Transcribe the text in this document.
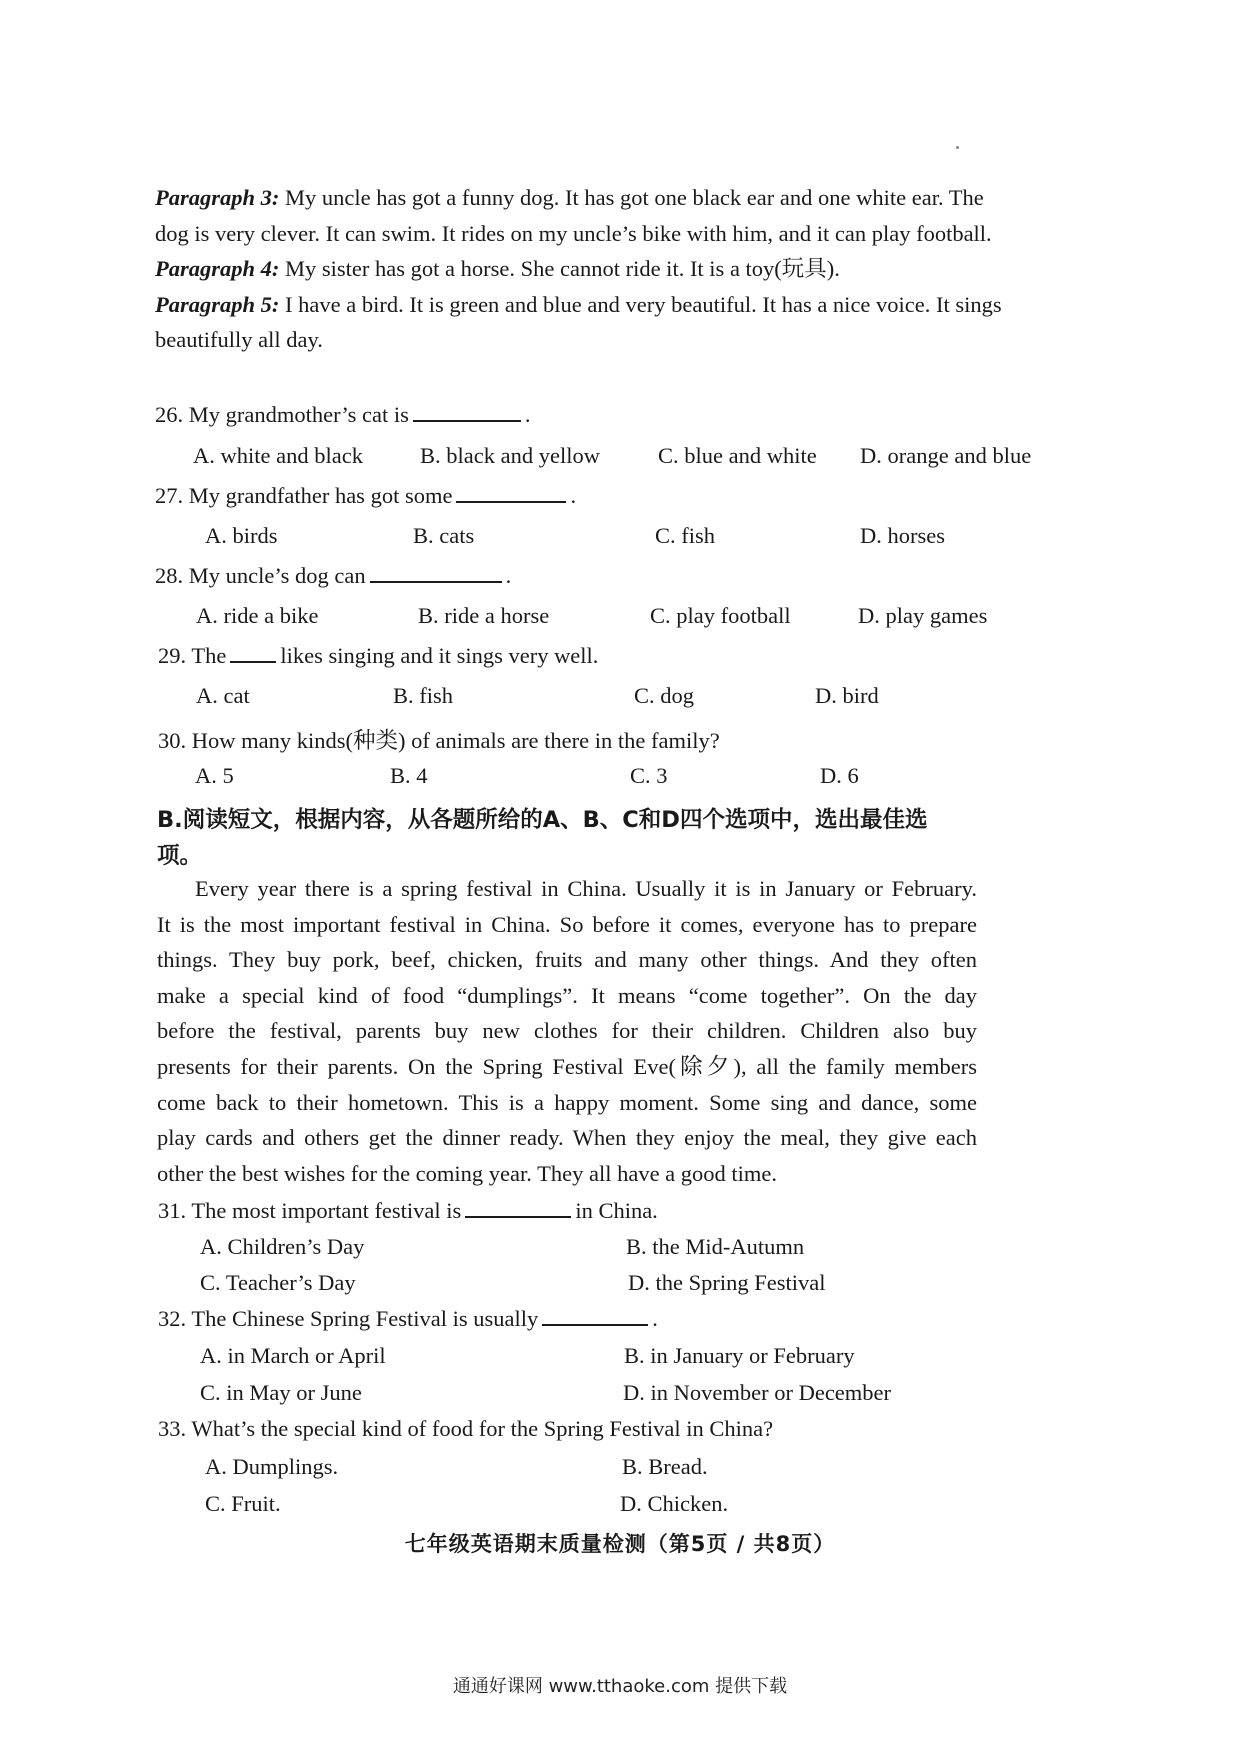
Paragraph 3: My uncle has got a funny dog. It has got one black ear and one white ear. The
dog is very clever. It can swim. It rides on my uncle’s bike with him, and it can play football.
Paragraph 4: My sister has got a horse. She cannot ride it. It is a toy(玩具).
Paragraph 5: I have a bird. It is green and blue and very beautiful. It has a nice voice. It sings
beautifully all day.
26. My grandmother’s cat is	.
A. white and black	B. black and yellow	C. blue and white D. orange and blue
27. My grandfather has got some	.
A. birds	B. cats	C. fish	D. horses
28. My uncle’s dog can	.
A. ride a bike	B. ride a horse	C. play football	D. play games
29. The likes singing and it sings very well.
A. cat	B. fish	C. dog	D. bird
30. How many kinds(种类) of animals are there in the family?
A. 5	B. 4	C. 3	D. 6
B.阅读短文，根据内容，从各题所给的A、B、C和D四个选项中，选出最佳选
项。
Every year there is a spring festival in China. Usually it is in January or February.
It is the most important festival in China. So before it comes, everyone has to prepare
things. They buy pork, beef, chicken, fruits and many other things. And they often
make a special kind of food “dumplings”. It means “come together”. On the day
before the festival, parents buy new clothes for their children. Children also buy
presents for their parents. On the Spring Festival Eve(除夕), all the family members
come back to their hometown. This is a happy moment. Some sing and dance, some
play cards and others get the dinner ready. When they enjoy the meal, they give each
other the best wishes for the coming year. They all have a good time.
31. The most important festival is	in China.
A. Children’s Day	B. the Mid-Autumn
C. Teacher’s Day	D. the Spring Festival
32. The Chinese Spring Festival is usually	.
A. in March or April	B. in January or February
C. in May or June	D. in November or December
33. What’s the special kind of food for the Spring Festival in China?
A. Dumplings.	B. Bread.
C. Fruit.	D. Chicken.
七年级英语期末质量检测（第5页 / 共8页）
通通好课网 www.tthaoke.com 提供下载
